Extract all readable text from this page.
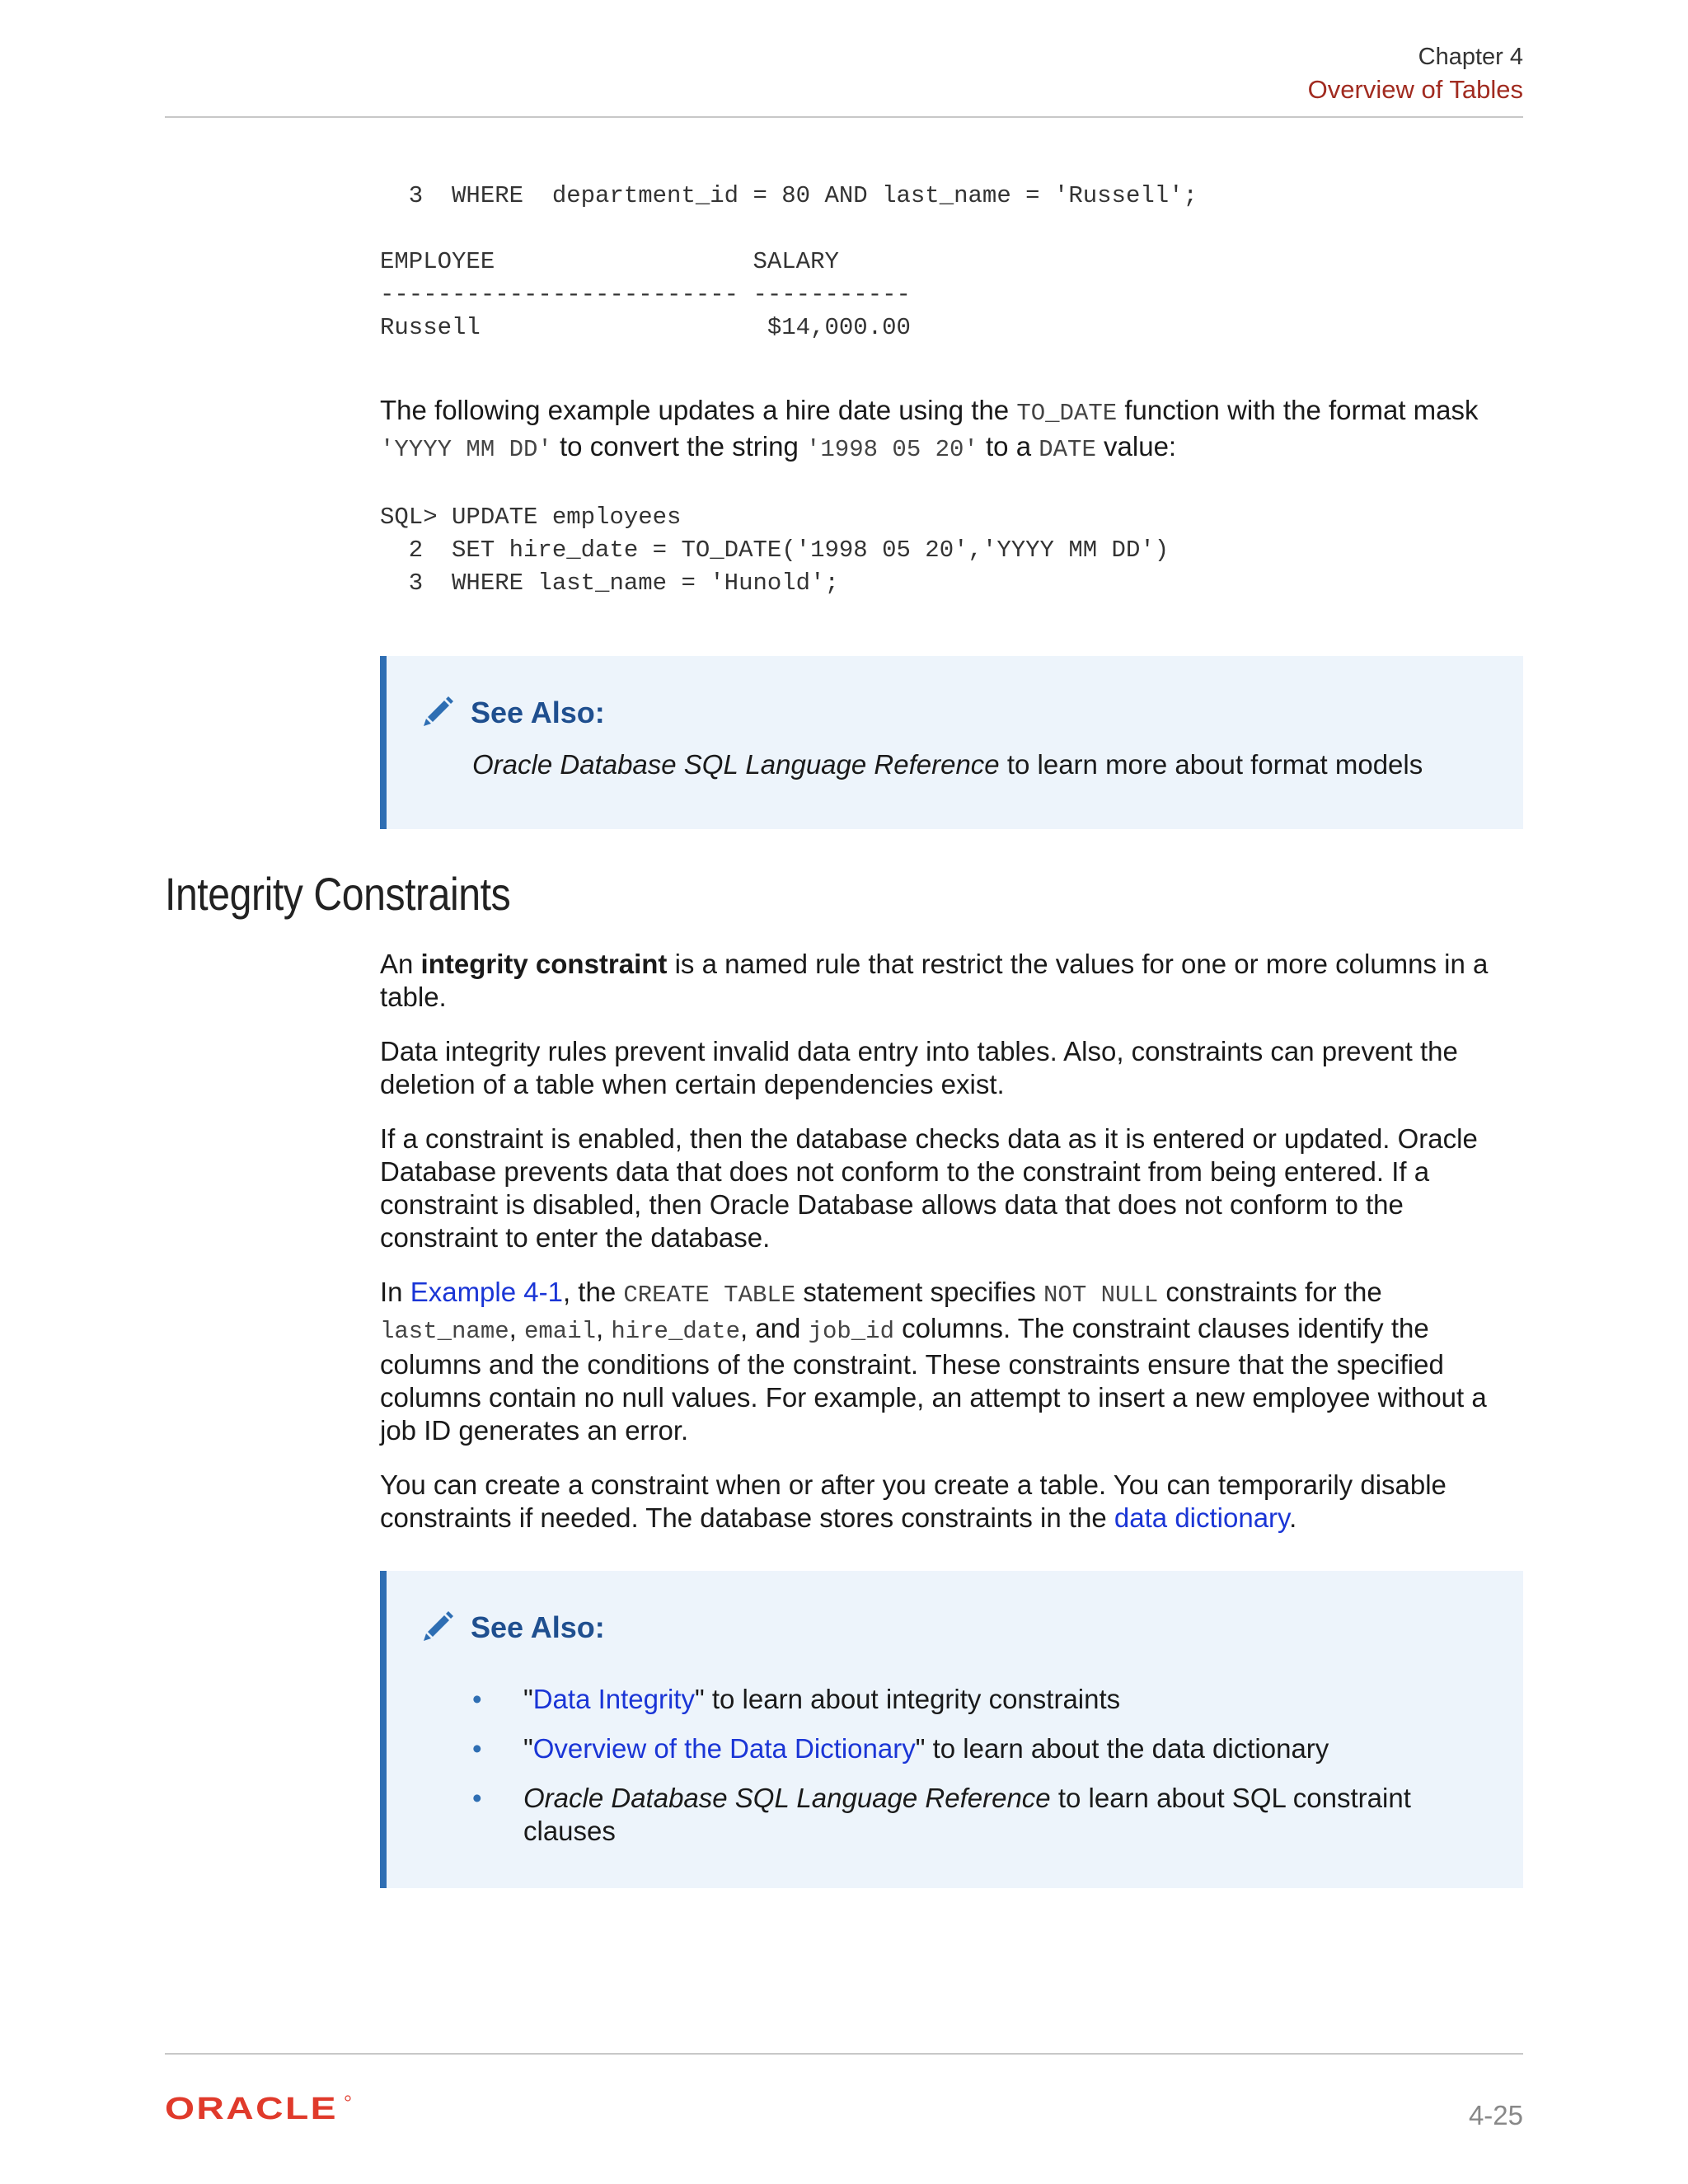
Chapter 4
Overview of Tables
3  WHERE  department_id = 80 AND last_name = 'Russell';

EMPLOYEE                  SALARY
------------------------- -----------
Russell                    $14,000.00

The following example updates a hire date using the TO_DATE function with the format mask 'YYYY MM DD' to convert the string '1998 05 20' to a DATE value:

SQL> UPDATE employees
2  SET hire_date = TO_DATE('1998 05 20','YYYY MM DD')
3  WHERE last_name = 'Hunold';
See Also:
Oracle Database SQL Language Reference to learn more about format models
Integrity Constraints

An integrity constraint is a named rule that restrict the values for one or more columns in a table.

Data integrity rules prevent invalid data entry into tables. Also, constraints can prevent the deletion of a table when certain dependencies exist.

If a constraint is enabled, then the database checks data as it is entered or updated. Oracle Database prevents data that does not conform to the constraint from being entered. If a constraint is disabled, then Oracle Database allows data that does not conform to the constraint to enter the database.

In Example 4-1, the CREATE TABLE statement specifies NOT NULL constraints for the last_name, email, hire_date, and job_id columns. The constraint clauses identify the columns and the conditions of the constraint. These constraints ensure that the specified columns contain no null values. For example, an attempt to insert a new employee without a job ID generates an error.

You can create a constraint when or after you create a table. You can temporarily disable constraints if needed. The database stores constraints in the data dictionary.

See Also:
• "Data Integrity" to learn about integrity constraints
• "Overview of the Data Dictionary" to learn about the data dictionary
• Oracle Database SQL Language Reference to learn about SQL constraint clauses
ORACLE	4-25
